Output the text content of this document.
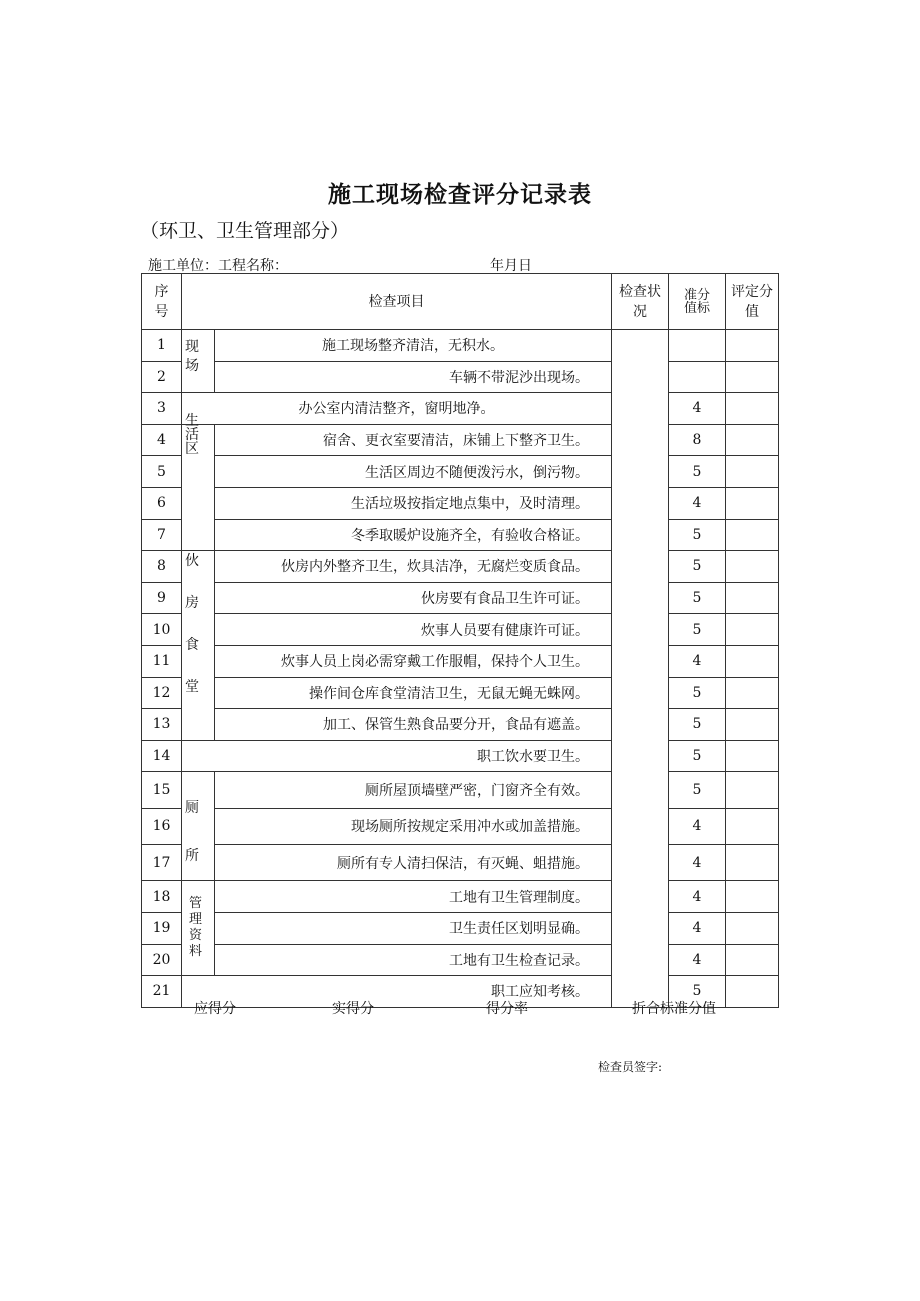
施工现场检查评分记录表
（环卫、卫生管理部分）
施工单位：工程名称：	年月日
序号	检查项目		检查状况	准分值标	评定分值
1	现场	施工现场整齐清洁，无积水。			
2		车辆不带泥沙出现场。			
3	办公室内清洁整齐，窗明地净。			4	
4	生活区	宿舍、更衣室要清洁，床铺上下整齐卫生。		8	
5		生活区周边不随便泼污水，倒污物。		5	
6		生活垃圾按指定地点集中，及时清理。		4	
7		冬季取暖炉设施齐全，有验收合格证。		5	
8	伙房食堂	伙房内外整齐卫生，炊具洁净，无腐烂变质食品。		5	
9		伙房要有食品卫生许可证。		5	
10		炊事人员要有健康许可证。		5	
11		炊事人员上岗必需穿戴工作服帽，保持个人卫生。		4	
12		操作间仓库食堂清洁卫生，无鼠无蝇无蛛网。		5	
13		加工、保管生熟食品要分开，食品有遮盖。		5	
14	职工饮水要卫生。			5	
15	厕所	厕所屋顶墙壁严密，门窗齐全有效。		5	
16		现场厕所按规定采用冲水或加盖措施。		4	
17		厕所有专人清扫保洁，有灭蝇、蛆措施。		4	
18	管理资料	工地有卫生管理制度。		4	
19		卫生责任区划明显确。		4	
20		工地有卫生检查记录。		4	
21	职工应知考核。			5	
应得分	实得分	得分率	折合标准分值
检查员签字:
